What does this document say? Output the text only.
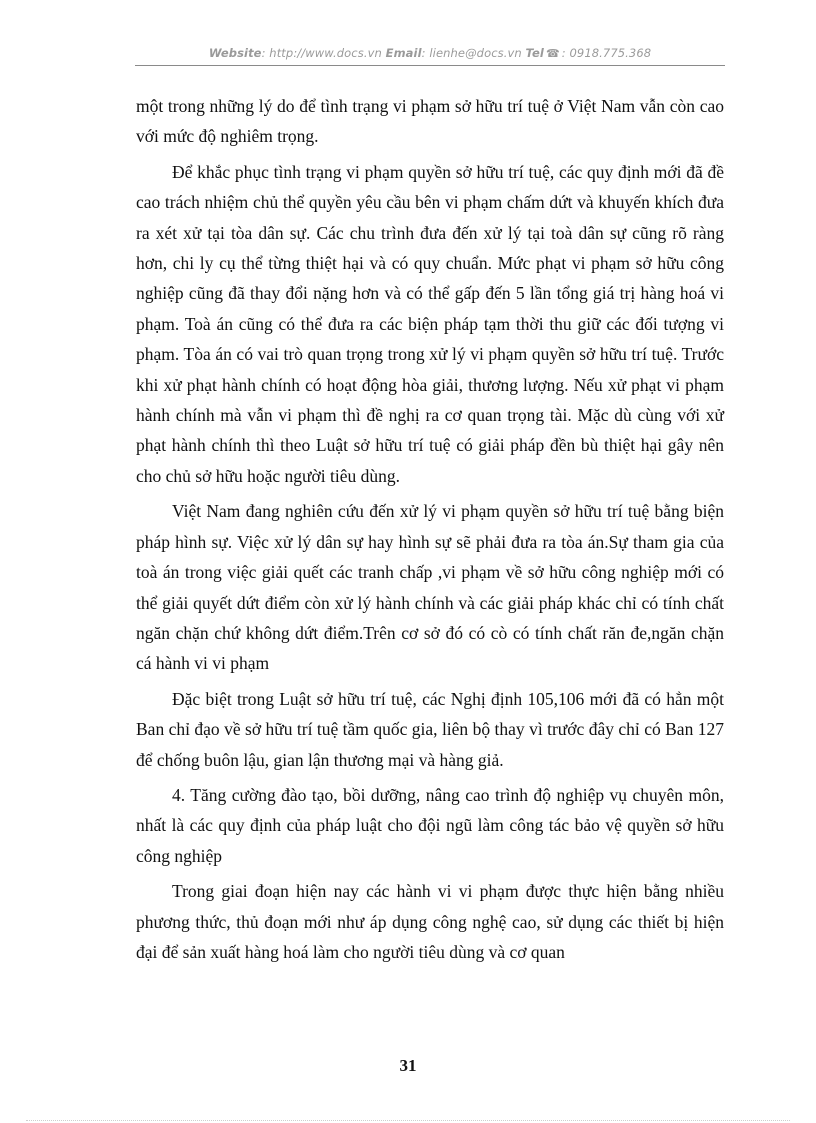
Website: http://www.docs.vn Email: lienhe@docs.vn Tel ☎ : 0918.775.368

một trong những lý do để tình trạng vi phạm sở hữu trí tuệ ở Việt Nam vẫn còn cao với mức độ nghiêm trọng.

Để khắc phục tình trạng vi phạm quyền sở hữu trí tuệ, các quy định mới đã đề cao trách nhiệm chủ thể quyền yêu cầu bên vi phạm chấm dứt và khuyến khích đưa ra xét xử tại tòa dân sự. Các chu trình đưa đến xử lý tại toà dân sự cũng rõ ràng hơn, chi ly cụ thể từng thiệt hại và có quy chuẩn. Mức phạt vi phạm sở hữu công nghiệp cũng đã thay đổi nặng hơn và có thể gấp đến 5 lần tổng giá trị hàng hoá vi phạm. Toà án cũng có thể đưa ra các biện pháp tạm thời thu giữ các đối tượng vi phạm. Tòa án có vai trò quan trọng trong xử lý vi phạm quyền sở hữu trí tuệ. Trước khi xử phạt hành chính có hoạt động hòa giải, thương lượng. Nếu xử phạt vi phạm hành chính mà vẫn vi phạm thì đề nghị ra cơ quan trọng tài. Mặc dù cùng với xử phạt hành chính thì theo Luật sở hữu trí tuệ có giải pháp đền bù thiệt hại gây nên cho chủ sở hữu hoặc người tiêu dùng.

Việt Nam đang nghiên cứu đến xử lý vi phạm quyền sở hữu trí tuệ bằng biện pháp hình sự. Việc xử lý dân sự hay hình sự sẽ phải đưa ra tòa án.Sự tham gia của toà án trong việc giải quết các tranh chấp ,vi phạm về sở hữu công nghiệp mới có thể giải quyết dứt điểm còn xử lý hành chính và các giải pháp khác chỉ có tính chất ngăn chặn chứ không dứt điểm.Trên cơ sở đó có cò có tính chất răn đe,ngăn chặn cá hành vi vi phạm

Đặc biệt trong Luật sở hữu trí tuệ, các Nghị định 105,106 mới đã có hẳn một Ban chỉ đạo về sở hữu trí tuệ tầm quốc gia, liên bộ thay vì trước đây chỉ có Ban 127 để chống buôn lậu, gian lận thương mại và hàng giả.

4. Tăng cường đào tạo, bồi dưỡng, nâng cao trình độ nghiệp vụ chuyên môn, nhất là các quy định của pháp luật cho đội ngũ làm công tác bảo vệ quyền sở hữu công nghiệp

Trong giai đoạn hiện nay các hành vi vi phạm được thực hiện bằng nhiều phương thức, thủ đoạn mới như áp dụng công nghệ cao, sử dụng các thiết bị hiện đại để sản xuất hàng hoá làm cho người tiêu dùng và cơ quan

31
